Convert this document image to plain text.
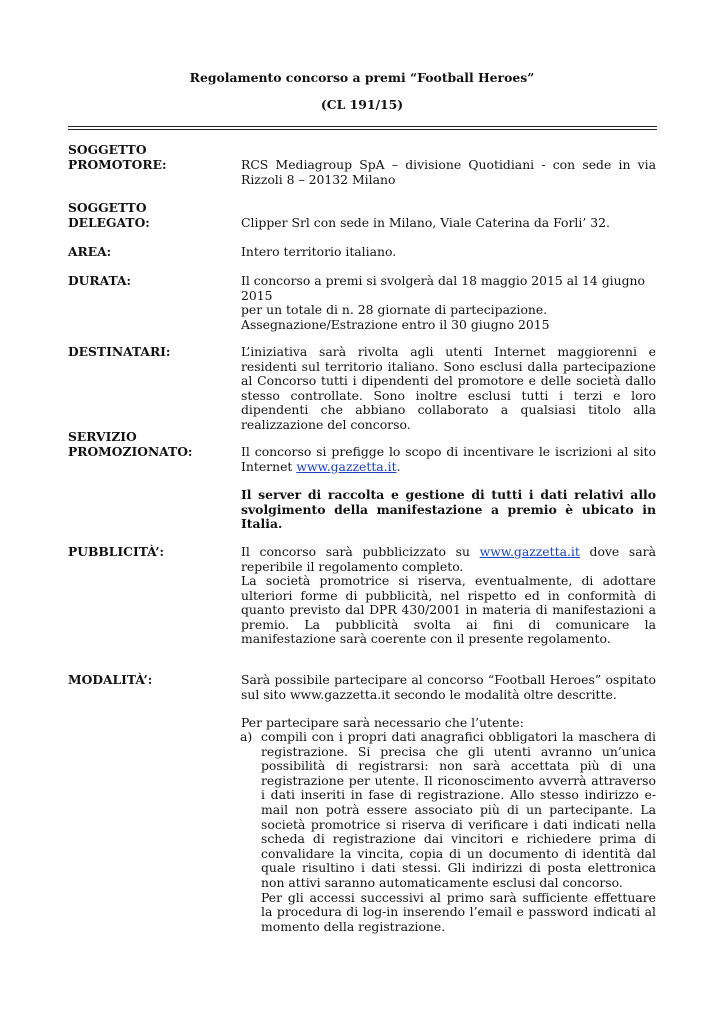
Regolamento concorso a premi “Football Heroes”
(CL 191/15)
SOGGETTO
PROMOTORE:	RCS Mediagroup SpA – divisione Quotidiani - con sede in via Rizzoli 8 – 20132 Milano
SOGGETTO
DELEGATO:	Clipper Srl con sede in Milano, Viale Caterina da Forli’ 32.
AREA:	Intero territorio italiano.
DURATA:	Il concorso a premi si svolgerà dal 18 maggio 2015 al 14 giugno 2015
per un totale di n. 28 giornate di partecipazione.
Assegnazione/Estrazione entro il 30 giugno 2015
DESTINATARI:	L’iniziativa sarà rivolta agli utenti Internet maggiorenni e residenti sul territorio italiano. Sono esclusi dalla partecipazione al Concorso tutti i dipendenti del promotore e delle società dallo stesso controllate. Sono inoltre esclusi tutti i terzi e loro dipendenti che abbiano collaborato a qualsiasi titolo alla realizzazione del concorso.
SERVIZIO
PROMOZIONATO:	Il concorso si prefigge lo scopo di incentivare le iscrizioni al sito Internet www.gazzetta.it.
Il server di raccolta e gestione di tutti i dati relativi allo svolgimento della manifestazione a premio è ubicato in Italia.
PUBBLICITÀ’:	Il concorso sarà pubblicizzato su www.gazzetta.it dove sarà reperibile il regolamento completo.
La società promotrice si riserva, eventualmente, di adottare ulteriori forme di pubblicità, nel rispetto ed in conformità di quanto previsto dal DPR 430/2001 in materia di manifestazioni a premio. La pubblicità svolta ai fini di comunicare la manifestazione sarà coerente con il presente regolamento.
MODALITÀ’:	Sarà possibile partecipare al concorso “Football Heroes” ospitato sul sito www.gazzetta.it secondo le modalità oltre descritte.
Per partecipare sarà necessario che l’utente:
a) compili con i propri dati anagrafici obbligatori la maschera di registrazione. Si precisa che gli utenti avranno un’unica possibilità di registrarsi: non sarà accettata più di una registrazione per utente. Il riconoscimento avverrà attraverso i dati inseriti in fase di registrazione. Allo stesso indirizzo e-mail non potrà essere associato più di un partecipante. La società promotrice si riserva di verificare i dati indicati nella scheda di registrazione dai vincitori e richiedere prima di convalidare la vincita, copia di un documento di identità dal quale risultino i dati stessi. Gli indirizzi di posta elettronica non attivi saranno automaticamente esclusi dal concorso.
Per gli accessi successivi al primo sarà sufficiente effettuare la procedura di log-in inserendo l’email e password indicati al momento della registrazione.
